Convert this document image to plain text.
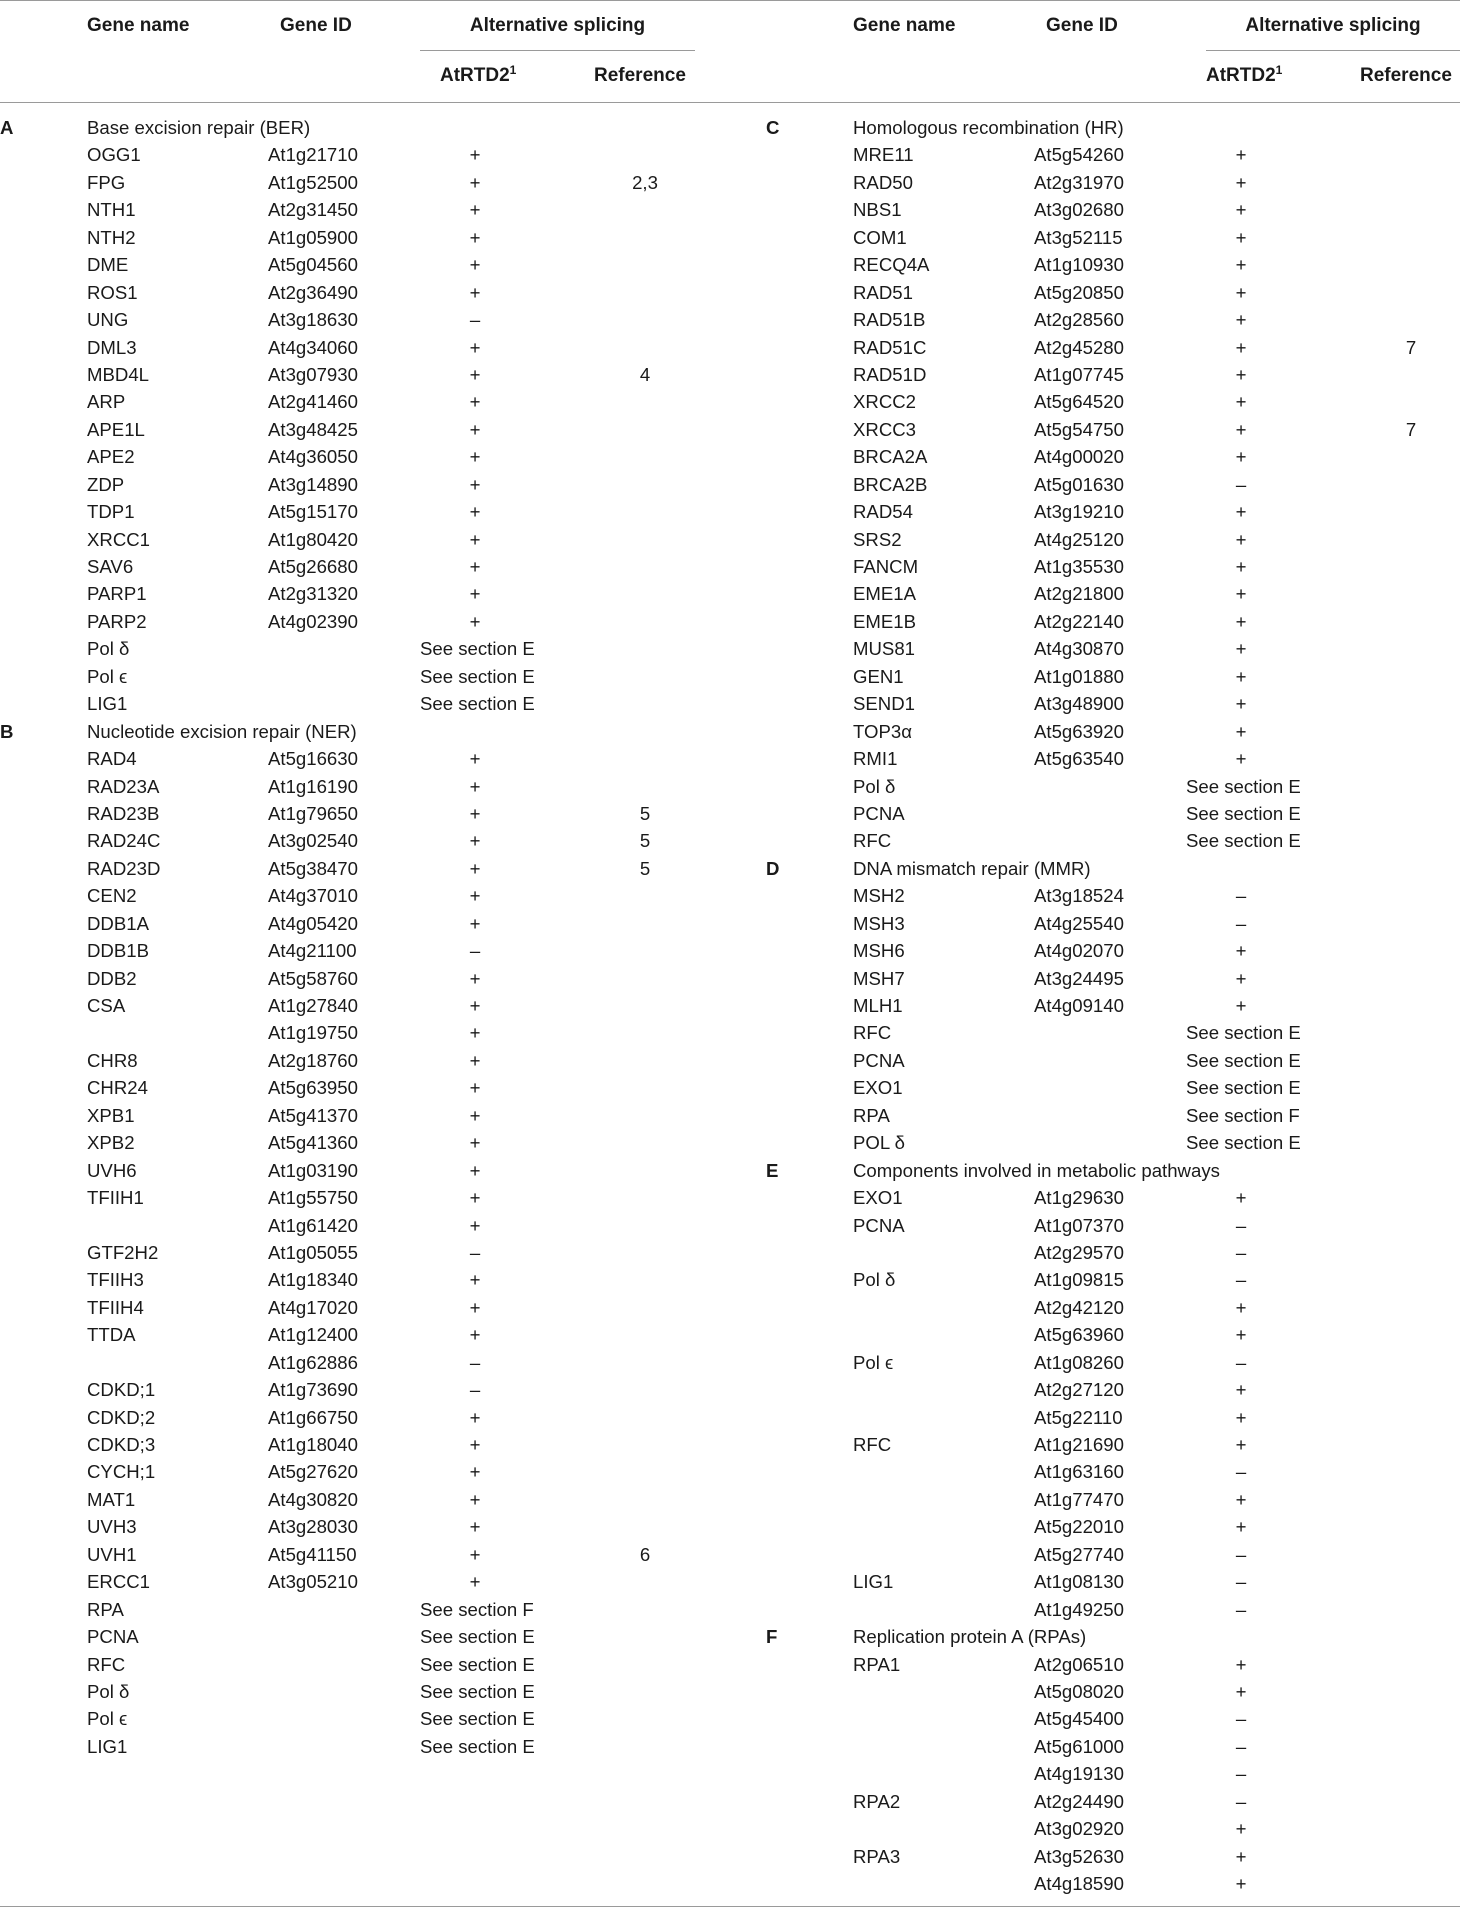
Gene name	Gene ID	Alternative splicing
$AtRTD2^1$	Reference
Gene name	Gene ID	Alternative splicing
$AtRTD2^1$	Reference
A	Base excision repair (BER)
OGG1	At1g21710	+
FPG	At1g52500	+	2,3
NTH1	At2g31450	+
NTH2	At1g05900	+
DME	At5g04560	+
ROS1	At2g36490	+
UNG	At3g18630	–
DML3	At4g34060	+
MBD4L	At3g07930	+	4
ARP	At2g41460	+
APE1L	At3g48425	+
APE2	At4g36050	+
ZDP	At3g14890	+
TDP1	At5g15170	+
XRCC1	At1g80420	+
SAV6	At5g26680	+
PARP1	At2g31320	+
PARP2	At4g02390	+
Pol δ	See section E
Pol ϵ	See section E
LIG1	See section E
B	Nucleotide excision repair (NER)
RAD4	At5g16630	+
RAD23A	At1g16190	+
RAD23B	At1g79650	+	5
RAD24C	At3g02540	+	5
RAD23D	At5g38470	+	5
CEN2	At4g37010	+
DDB1A	At4g05420	+
DDB1B	At4g21100	–
DDB2	At5g58760	+
CSA	At1g27840	+
At1g19750	+
CHR8	At2g18760	+
CHR24	At5g63950	+
XPB1	At5g41370	+
XPB2	At5g41360	+
UVH6	At1g03190	+
TFIIH1	At1g55750	+
At1g61420	+
GTF2H2	At1g05055	–
TFIIH3	At1g18340	+
TFIIH4	At4g17020	+
TTDA	At1g12400	+
At1g62886	–
CDKD;1	At1g73690	–
CDKD;2	At1g66750	+
CDKD;3	At1g18040	+
CYCH;1	At5g27620	+
MAT1	At4g30820	+
UVH3	At3g28030	+
UVH1	At5g41150	+	6
ERCC1	At3g05210	+
RPA	See section F
PCNA	See section E
RFC	See section E
Pol δ	See section E
Pol ϵ	See section E
LIG1	See section E
C	Homologous recombination (HR)
MRE11	At5g54260	+
RAD50	At2g31970	+
NBS1	At3g02680	+
COM1	At3g52115	+
RECQ4A	At1g10930	+
RAD51	At5g20850	+
RAD51B	At2g28560	+
RAD51C	At2g45280	+	7
RAD51D	At1g07745	+
XRCC2	At5g64520	+
XRCC3	At5g54750	+	7
BRCA2A	At4g00020	+
BRCA2B	At5g01630	–
RAD54	At3g19210	+
SRS2	At4g25120	+
FANCM	At1g35530	+
EME1A	At2g21800	+
EME1B	At2g22140	+
MUS81	At4g30870	+
GEN1	At1g01880	+
SEND1	At3g48900	+
TOP3α	At5g63920	+
RMI1	At5g63540	+
Pol δ	See section E
PCNA	See section E
RFC	See section E
D	DNA mismatch repair (MMR)
MSH2	At3g18524	–
MSH3	At4g25540	–
MSH6	At4g02070	+
MSH7	At3g24495	+
MLH1	At4g09140	+
RFC	See section E
PCNA	See section E
EXO1	See section E
RPA	See section F
POL δ	See section E
E	Components involved in metabolic pathways
EXO1	At1g29630	+
PCNA	At1g07370	–
At2g29570	–
Pol δ	At1g09815	–
At2g42120	+
At5g63960	+
Pol ϵ	At1g08260	–
At2g27120	+
At5g22110	+
RFC	At1g21690	+
At1g63160	–
At1g77470	+
At5g22010	+
At5g27740	–
LIG1	At1g08130	–
At1g49250	–
F	Replication protein A (RPAs)
RPA1	At2g06510	+
At5g08020	+
At5g45400	–
At5g61000	–
At4g19130	–
RPA2	At2g24490	–
At3g02920	+
RPA3	At3g52630	+
At4g18590	+
